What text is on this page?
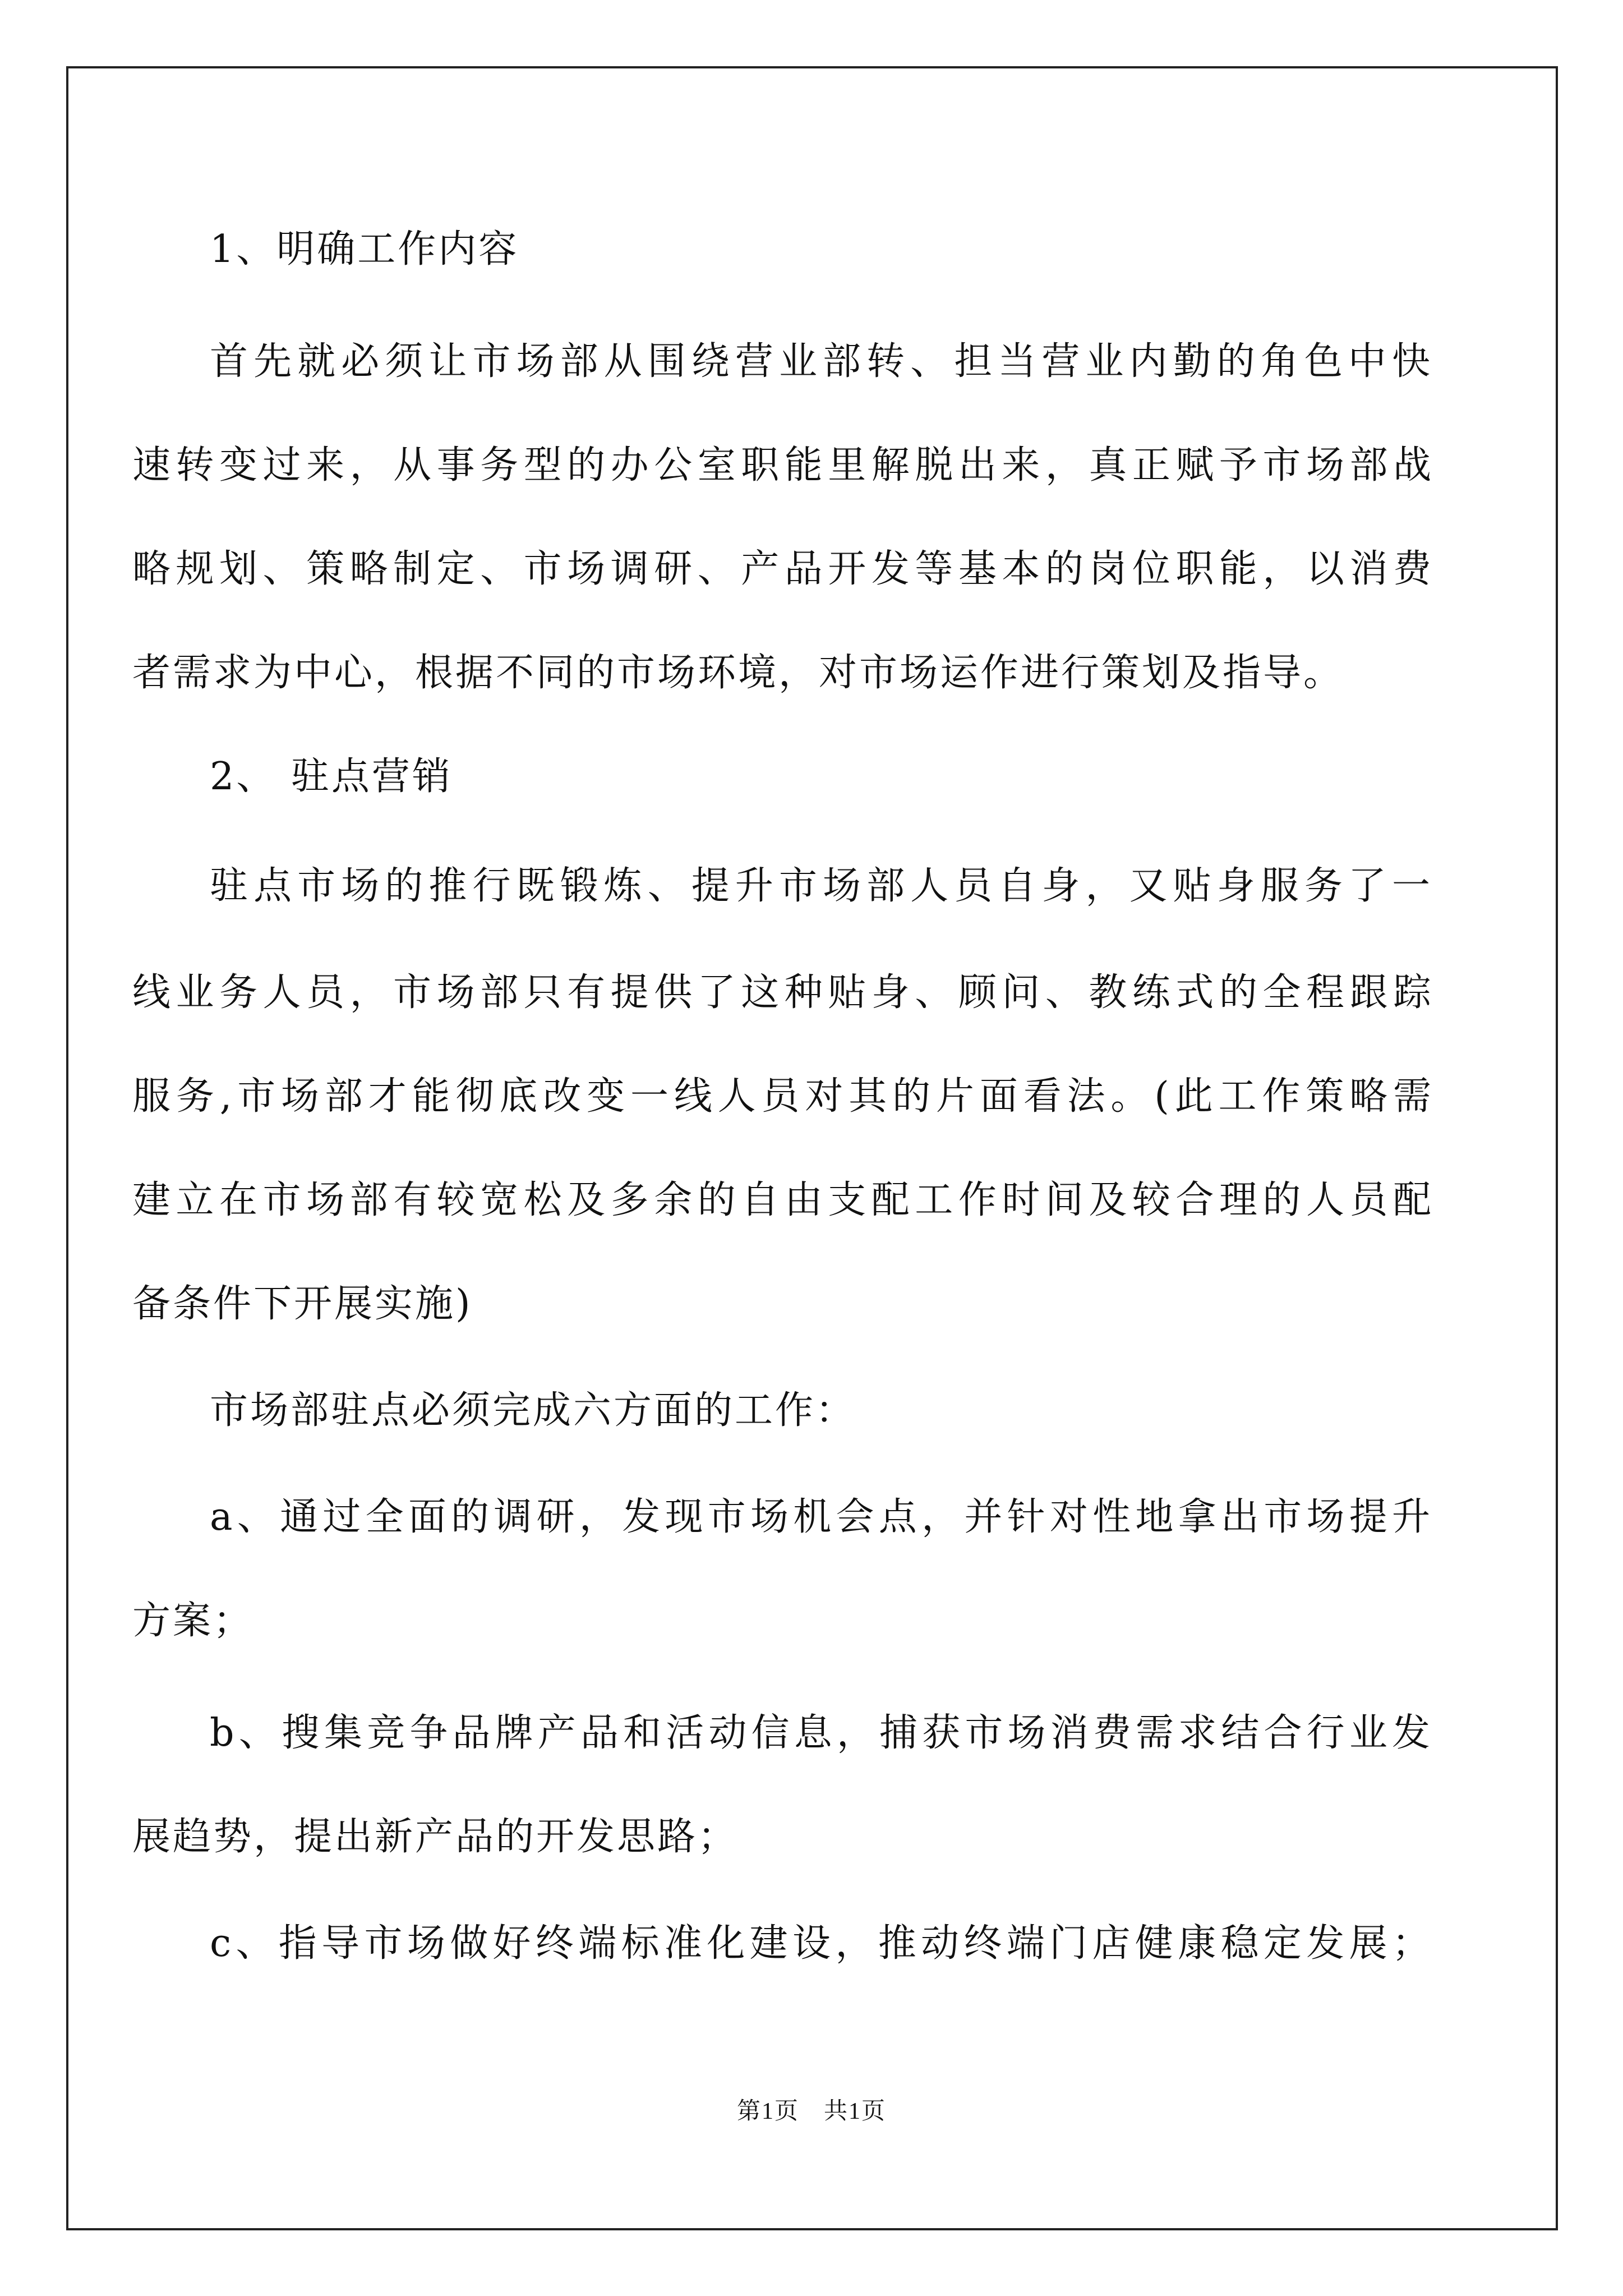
1、明确工作内容
首先就必须让市场部从围绕营业部转、担当营业内勤的角色中快
速转变过来，从事务型的办公室职能里解脱出来，真正赋予市场部战
略规划、策略制定、市场调研、产品开发等基本的岗位职能，以消费
者需求为中心，根据不同的市场环境，对市场运作进行策划及指导。
2、 驻点营销
驻点市场的推行既锻炼、提升市场部人员自身，又贴身服务了一
线业务人员，市场部只有提供了这种贴身、顾问、教练式的全程跟踪
服务,市场部才能彻底改变一线人员对其的片面看法。(此工作策略需
建立在市场部有较宽松及多余的自由支配工作时间及较合理的人员配
备条件下开展实施)
市场部驻点必须完成六方面的工作：
a、通过全面的调研，发现市场机会点，并针对性地拿出市场提升
方案；
b、搜集竞争品牌产品和活动信息，捕获市场消费需求结合行业发
展趋势，提出新产品的开发思路；
c、指导市场做好终端标准化建设，推动终端门店健康稳定发展；
第1页　共1页
